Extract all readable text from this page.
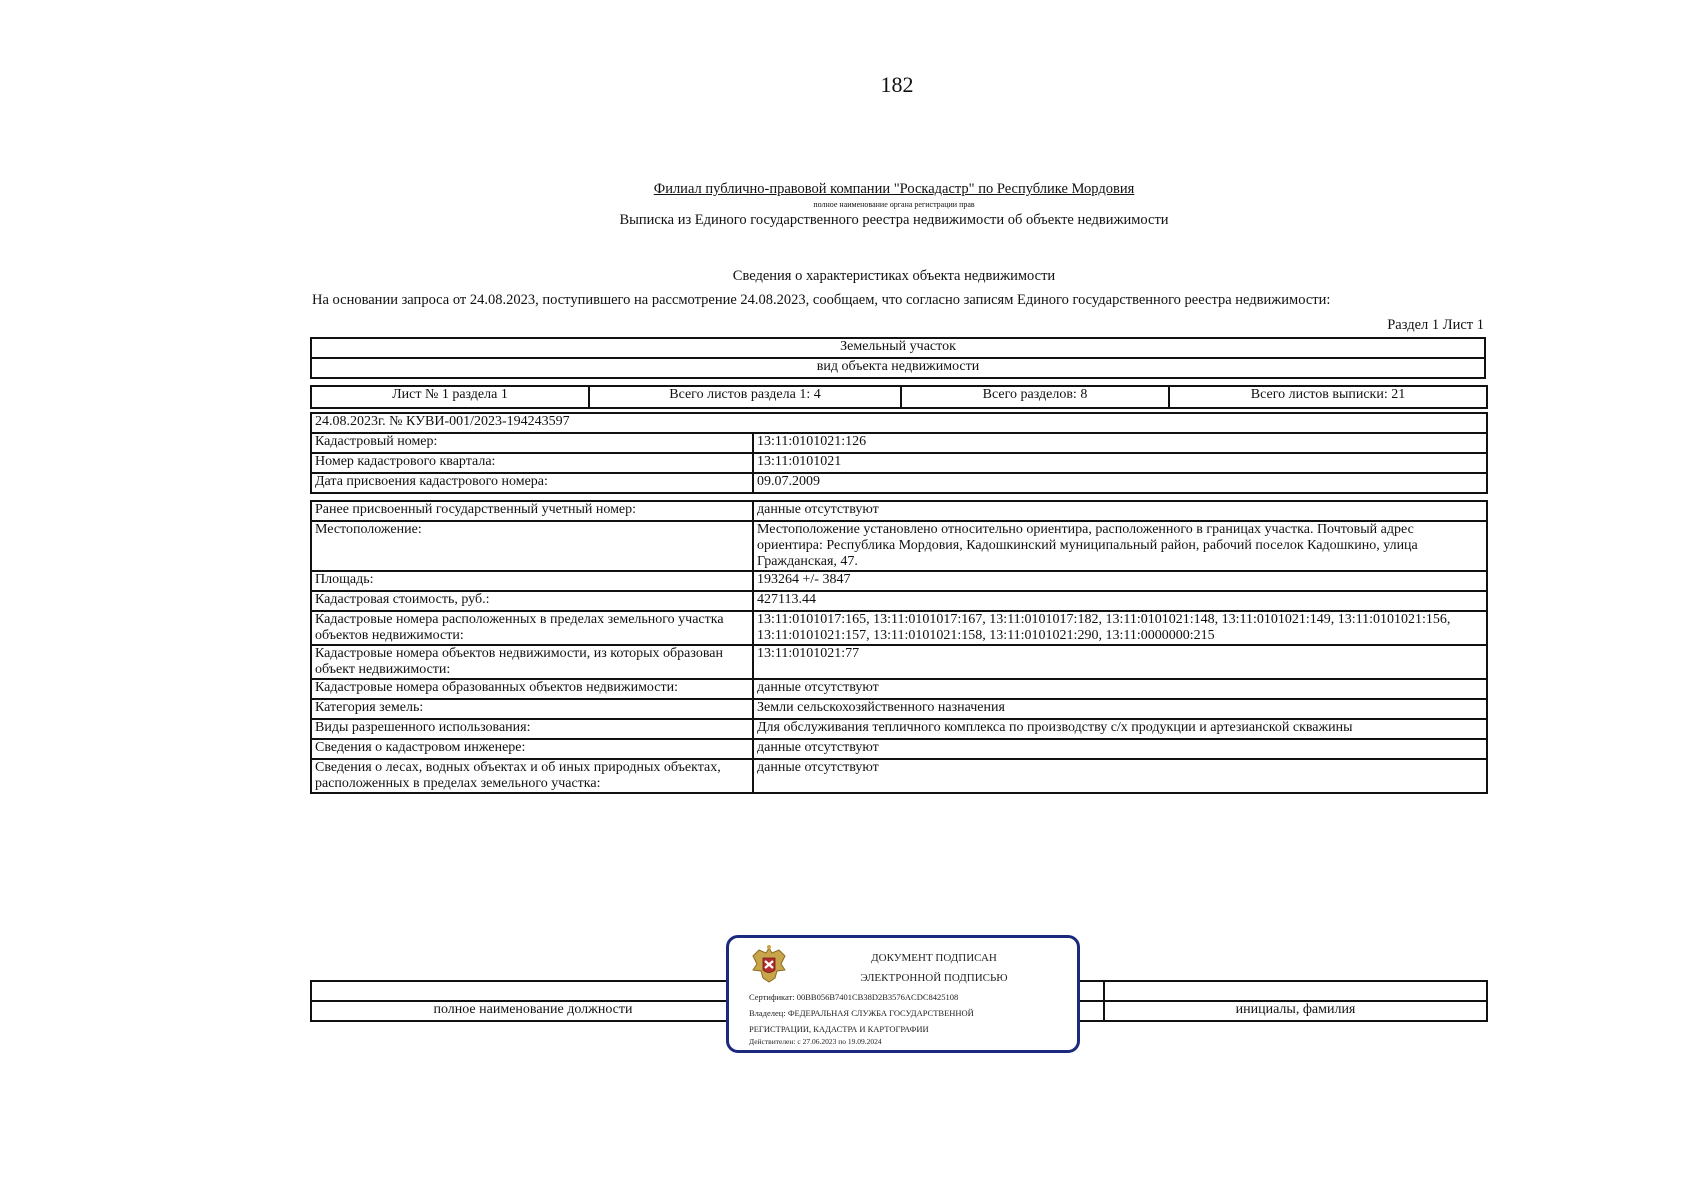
182
Филиал публично-правовой компании "Роскадастр" по Республике Мордовия
полное наименование органа регистрации прав
Выписка из Единого государственного реестра недвижимости об объекте недвижимости
Сведения о характеристиках объекта недвижимости
На основании запроса от 24.08.2023, поступившего на рассмотрение 24.08.2023, сообщаем, что согласно записям Единого государственного реестра недвижимости:
Раздел 1 Лист 1
Земельный участок
вид объекта недвижимости
Лист № 1 раздела 1	Всего листов раздела 1: 4	Всего разделов: 8	Всего листов выписки: 21
24.08.2023г. № КУВИ-001/2023-194243597	
Кадастровый номер:	13:11:0101021:126
Номер кадастрового квартала:	13:11:0101021
Дата присвоения кадастрового номера:	09.07.2009

Ранее присвоенный государственный учетный номер:	данные отсутствуют
Местоположение:	Местоположение установлено относительно ориентира, расположенного в границах участка. Почтовый адрес ориентира: Республика Мордовия, Кадошкинский муниципальный район, рабочий поселок Кадошкино, улица Гражданская, 47.
Площадь:	193264 +/- 3847
Кадастровая стоимость, руб.:	427113.44
Кадастровые номера расположенных в пределах земельного участка объектов недвижимости:	13:11:0101017:165, 13:11:0101017:167, 13:11:0101017:182, 13:11:0101021:148, 13:11:0101021:149, 13:11:0101021:156, 13:11:0101021:157, 13:11:0101021:158, 13:11:0101021:290, 13:11:0000000:215
Кадастровые номера объектов недвижимости, из которых образован объект недвижимости:	13:11:0101021:77
Кадастровые номера образованных объектов недвижимости:	данные отсутствуют
Категория земель:	Земли сельскохозяйственного назначения
Виды разрешенного использования:	Для обслуживания тепличного комплекса по производству с/х продукции и артезианской скважины
Сведения о кадастровом инженере:	данные отсутствуют
Сведения о лесах, водных объектах и об иных природных объектах, расположенных в пределах земельного участка:	данные отсутствуют

полное наименование должности		инициалы, фамилия
ДОКУМЕНТ ПОДПИСАН
ЭЛЕКТРОННОЙ ПОДПИСЬЮ
Сертификат: 00BB056B7401CB38D2B3576ACDC8425108
Владелец: ФЕДЕРАЛЬНАЯ СЛУЖБА ГОСУДАРСТВЕННОЙ
РЕГИСТРАЦИИ, КАДАСТРА И КАРТОГРАФИИ
Действителен: с 27.06.2023 по 19.09.2024
